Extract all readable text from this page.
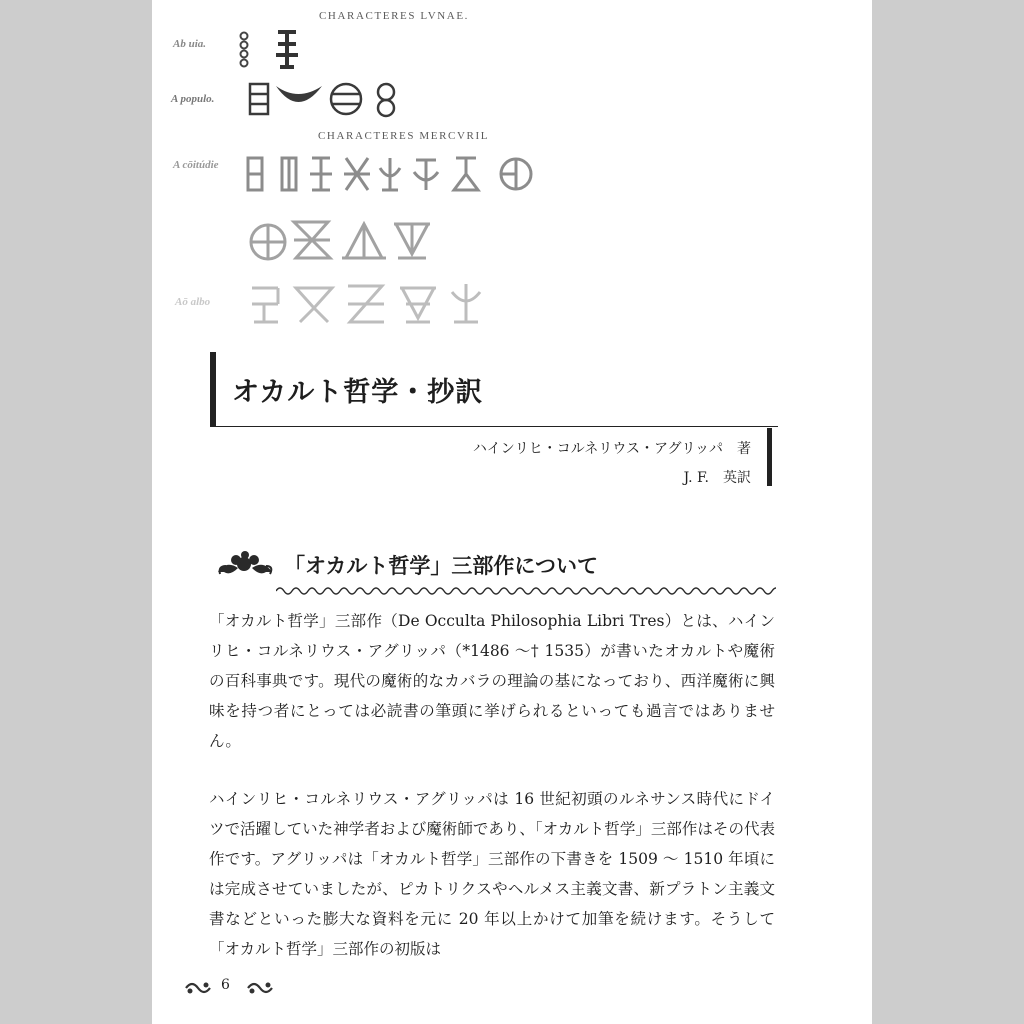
CHARACTERES LVNAE.
CHARACTERES MERCVRIL
Ab uia.
A populo.
A cōitúdie
Aō albo
オカルト哲学・抄訳
ハインリヒ・コルネリウス・アグリッパ　著
J. F.　英訳
「オカルト哲学」三部作について

「オカルト哲学」三部作（De Occulta Philosophia Libri Tres）とは、ハインリヒ・コルネリウス・アグリッパ（*1486 〜† 1535）が書いたオカルトや魔術の百科事典です。現代の魔術的なカバラの理論の基になっており、西洋魔術に興味を持つ者にとっては必読書の筆頭に挙げられるといっても過言ではありません。

ハインリヒ・コルネリウス・アグリッパは 16 世紀初頭のルネサンス時代にドイツで活躍していた神学者および魔術師であり、「オカルト哲学」三部作はその代表作です。アグリッパは「オカルト哲学」三部作の下書きを 1509 〜 1510 年頃には完成させていましたが、ピカトリクスやヘルメス主義文書、新プラトン主義文書などといった膨大な資料を元に 20 年以上かけて加筆を続けます。そうして「オカルト哲学」三部作の初版は

6
